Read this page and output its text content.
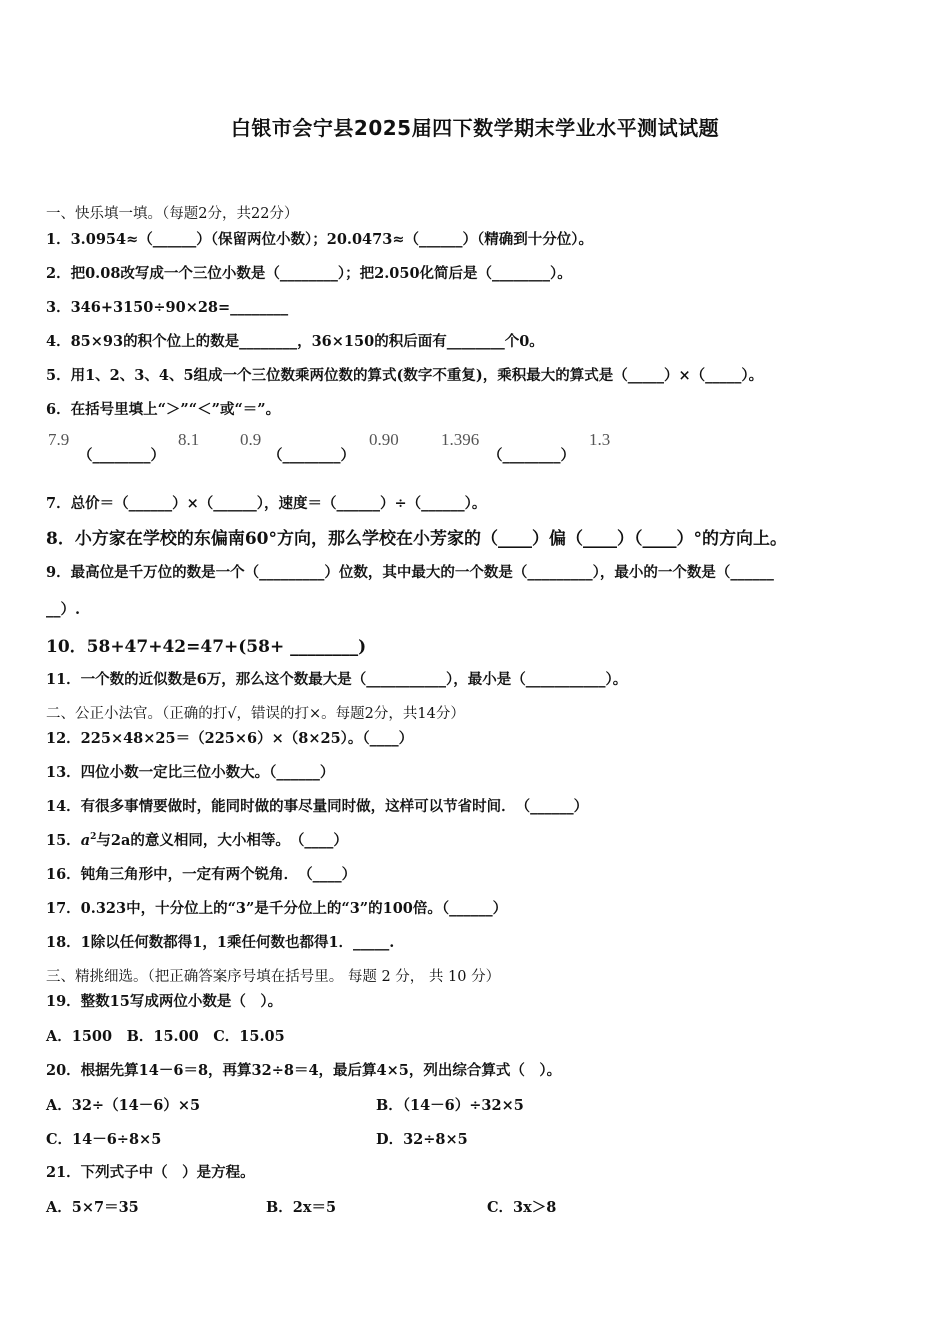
白银市会宁县2025届四下数学期末学业水平测试试题
一、快乐填一填。（每题2分，共22分）
1．3.0954≈（______）（保留两位小数）；20.0473≈（______）（精确到十分位）。
2．把0.08改写成一个三位小数是（________）；把2.050化简后是（________）。
3．346+3150÷90×28=________
4．85×93的积个位上的数是________，36×150的积后面有________个0。
5．用1、2、3、4、5组成一个三位数乘两位数的算式(数字不重复)，乘积最大的算式是（_____）×（_____）。
6．在括号里填上“＞”“＜”或“＝”。
7.9
（________）
8.1 0.9
（________）
0.90 1.396
（________）
1.3
7．总价＝（______）×（______），速度＝（______）÷（______）。
8．小方家在学校的东偏南60°方向，那么学校在小芳家的（____）偏（____）（____）°的方向上。
9．最高位是千万位的数是一个（_________）位数，其中最大的一个数是（_________），最小的一个数是（______
__）.
10．58+47+42=47+(58+ ________)
11．一个数的近似数是6万，那么这个数最大是（___________），最小是（___________）。
二、公正小法官。（正确的打√，错误的打×。每题2分，共14分）
12．225×48×25＝（225×6）×（8×25）。（____）
13．四位小数一定比三位小数大。（______）
14．有很多事情要做时，能同时做的事尽量同时做，这样可以节省时间．　（______）
15．$a^2$与2a的意义相同，大小相等。　（____）
16．钝角三角形中，一定有两个锐角．　（____）
17．0.323中，十分位上的“3”是千分位上的“3”的100倍。（______）
18．1除以任何数都得1，1乘任何数也都得1．_____.
三、精挑细选。（把正确答案序号填在括号里。 每题 2 分， 共 10 分）
19．整数15写成两位小数是（　）。
A．1500　B．15.00　C．15.05
20．根据先算14－6＝8，再算32÷8＝4，最后算4×5，列出综合算式（　）。
A．32÷（14－6）×5	B．（14－6）÷32×5
C．14－6÷8×5	D．32÷8×5
21．下列式子中（　）是方程。
A．5×7＝35	B．2x＝5	C．3x＞8
